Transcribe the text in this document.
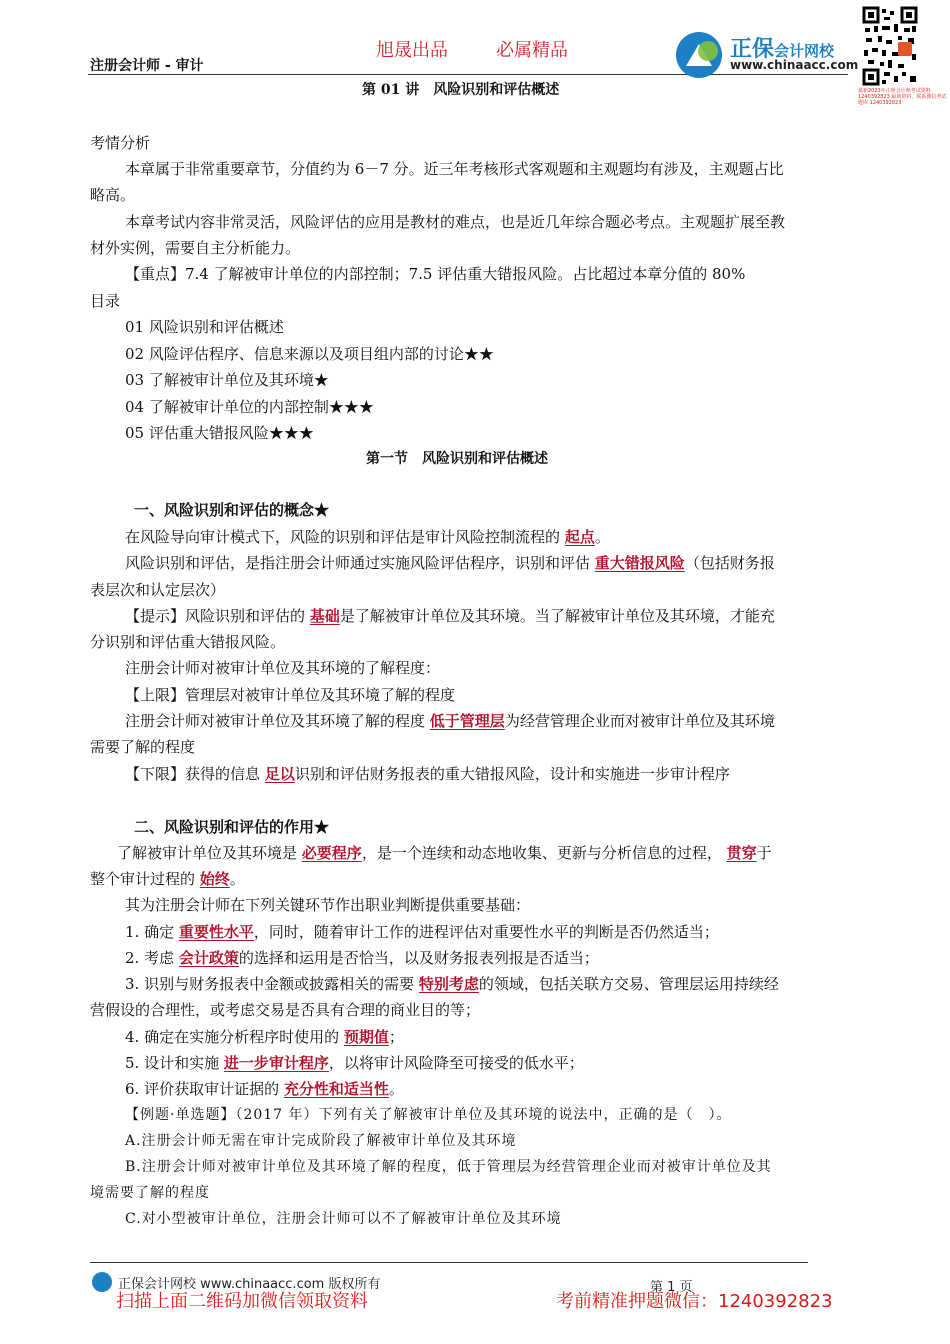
注册会计师 - 审计
旭晟出品	必属精品	正保会计网校
www.chinaacc.com
最新2023年注册会计师考试资料 1240392823 最新资料，联系微信考试题库 1240392823
第 01 讲　风险识别和评估概述
考情分析
本章属于非常重要章节，分值约为 6－7 分。近三年考核形式客观题和主观题均有涉及，主观题占比
略高。
本章考试内容非常灵活，风险评估的应用是教材的难点，也是近几年综合题必考点。主观题扩展至教
材外实例，需要自主分析能力。
【重点】7.4 了解被审计单位的内部控制；7.5 评估重大错报风险。占比超过本章分值的 80%
目录
01 风险识别和评估概述
02 风险评估程序、信息来源以及项目组内部的讨论★★
03 了解被审计单位及其环境★
04 了解被审计单位的内部控制★★★
05 评估重大错报风险★★★
第一节　风险识别和评估概述
一、风险识别和评估的概念★
在风险导向审计模式下，风险的识别和评估是审计风险控制流程的 起点。
风险识别和评估，是指注册会计师通过实施风险评估程序，识别和评估 重大错报风险（包括财务报
表层次和认定层次）
【提示】风险识别和评估的 基础是了解被审计单位及其环境。当了解被审计单位及其环境，才能充
分识别和评估重大错报风险。
注册会计师对被审计单位及其环境的了解程度：
【上限】管理层对被审计单位及其环境了解的程度
注册会计师对被审计单位及其环境了解的程度 低于管理层为经营管理企业而对被审计单位及其环境
需要了解的程度
【下限】获得的信息 足以识别和评估财务报表的重大错报风险，设计和实施进一步审计程序
二、风险识别和评估的作用★
了解被审计单位及其环境是 必要程序，是一个连续和动态地收集、更新与分析信息的过程， 贯穿于
整个审计过程的 始终。
其为注册会计师在下列关键环节作出职业判断提供重要基础：
1. 确定 重要性水平，同时，随着审计工作的进程评估对重要性水平的判断是否仍然适当；
2. 考虑 会计政策的选择和运用是否恰当，以及财务报表列报是否适当；
3. 识别与财务报表中金额或披露相关的需要 特别考虑的领域，包括关联方交易、管理层运用持续经
营假设的合理性，或考虑交易是否具有合理的商业目的等；
4. 确定在实施分析程序时使用的 预期值；
5. 设计和实施 进一步审计程序，以将审计风险降至可接受的低水平；
6. 评价获取审计证据的 充分性和适当性。
【例题·单选题】（2017 年）下列有关了解被审计单位及其环境的说法中，正确的是（　）。
A.注册会计师无需在审计完成阶段了解被审计单位及其环境
B.注册会计师对被审计单位及其环境了解的程度，低于管理层为经营管理企业而对被审计单位及其
境需要了解的程度
C.对小型被审计单位，注册会计师可以不了解被审计单位及其环境
正保会计网校 www.chinaacc.com 版权所有	第 1 页
扫描上面二维码加微信领取资料	考前精准押题微信：1240392823
